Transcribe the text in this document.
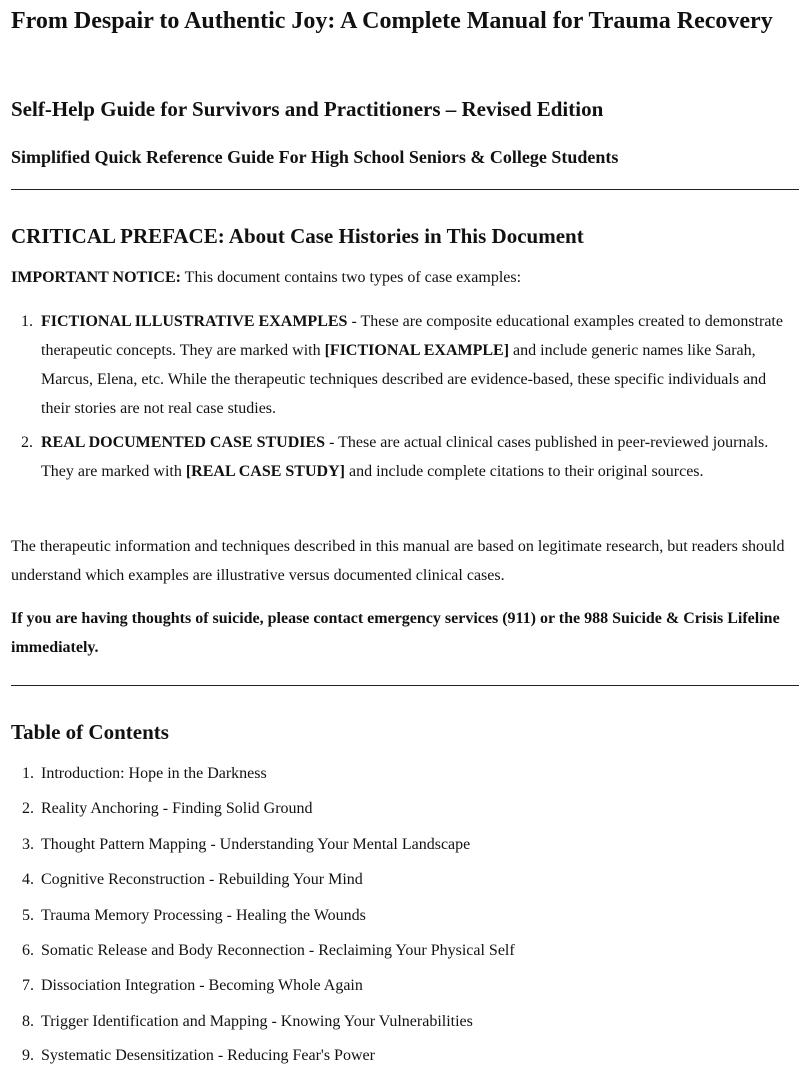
From Despair to Authentic Joy: A Complete Manual for Trauma Recovery
Self-Help Guide for Survivors and Practitioners – Revised Edition
Simplified Quick Reference Guide For High School Seniors & College Students
CRITICAL PREFACE: About Case Histories in This Document

IMPORTANT NOTICE: This document contains two types of case examples:

1. FICTIONAL ILLUSTRATIVE EXAMPLES - These are composite educational examples created to demonstrate therapeutic concepts. They are marked with [FICTIONAL EXAMPLE] and include generic names like Sarah, Marcus, Elena, etc. While the therapeutic techniques described are evidence-based, these specific individuals and their stories are not real case studies.

2. REAL DOCUMENTED CASE STUDIES - These are actual clinical cases published in peer-reviewed journals. They are marked with [REAL CASE STUDY] and include complete citations to their original sources.

The therapeutic information and techniques described in this manual are based on legitimate research, but readers should understand which examples are illustrative versus documented clinical cases.

If you are having thoughts of suicide, please contact emergency services (911) or the 988 Suicide & Crisis Lifeline immediately.

Table of Contents

1. Introduction: Hope in the Darkness

2. Reality Anchoring - Finding Solid Ground

3. Thought Pattern Mapping - Understanding Your Mental Landscape

4. Cognitive Reconstruction - Rebuilding Your Mind

5. Trauma Memory Processing - Healing the Wounds

6. Somatic Release and Body Reconnection - Reclaiming Your Physical Self

7. Dissociation Integration - Becoming Whole Again

8. Trigger Identification and Mapping - Knowing Your Vulnerabilities

9. Systematic Desensitization - Reducing Fear's Power
